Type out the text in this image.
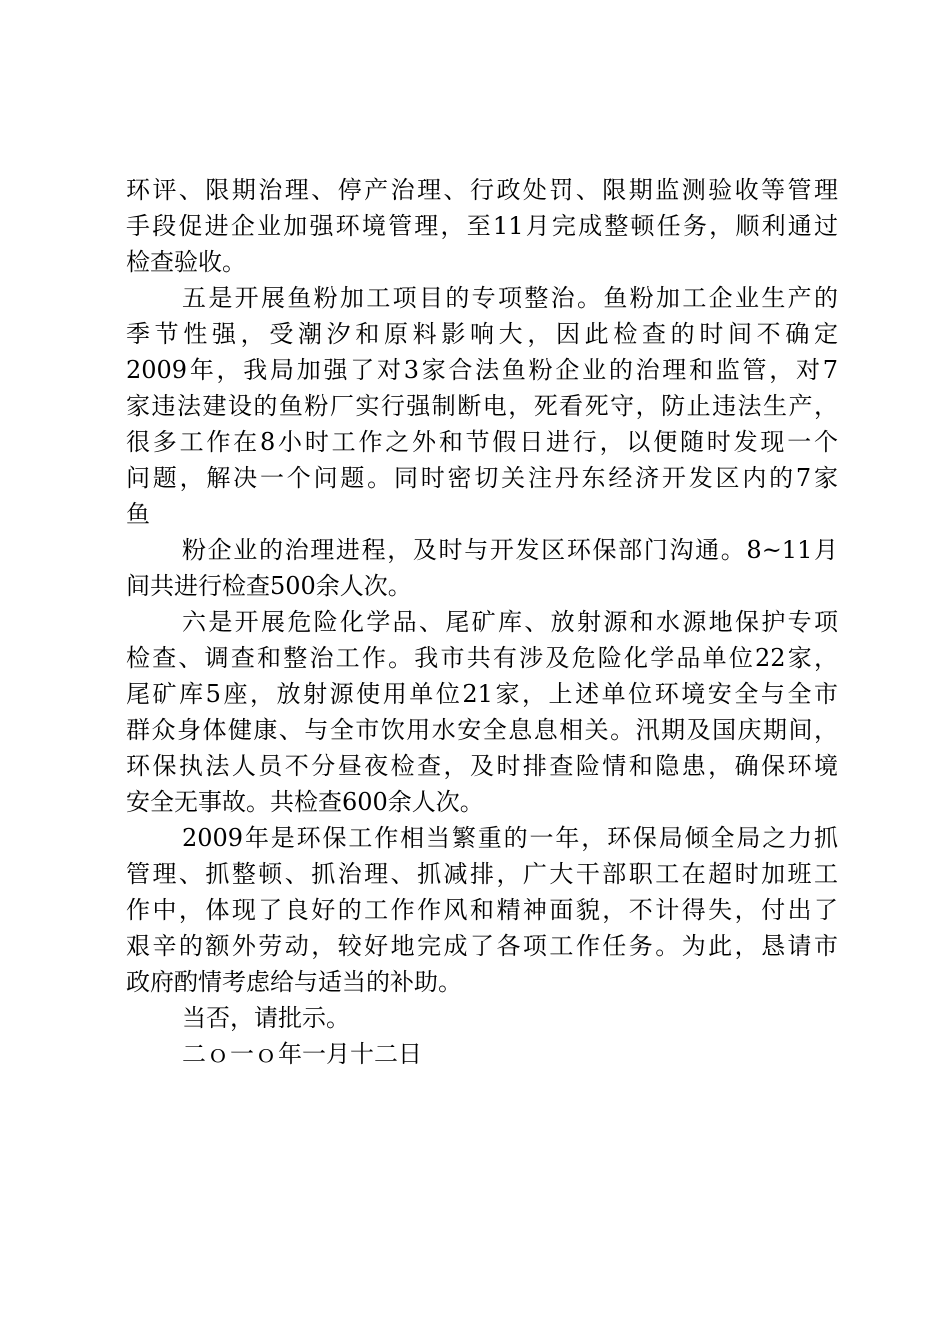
环评、限期治理、停产治理、行政处罚、限期监测验收等管理
手段促进企业加强环境管理，至11月完成整顿任务，顺利通过
检查验收。
五是开展鱼粉加工项目的专项整治。鱼粉加工企业生产的
季节性强，受潮汐和原料影响大，因此检查的时间不确定
2009年，我局加强了对3家合法鱼粉企业的治理和监管，对7
家违法建设的鱼粉厂实行强制断电，死看死守，防止违法生产，
很多工作在8小时工作之外和节假日进行，以便随时发现一个
问题，解决一个问题。同时密切关注丹东经济开发区内的7家
鱼
粉企业的治理进程，及时与开发区环保部门沟通。8~11月
间共进行检查500余人次。
六是开展危险化学品、尾矿库、放射源和水源地保护专项
检查、调查和整治工作。我市共有涉及危险化学品单位22家，
尾矿库5座，放射源使用单位21家，上述单位环境安全与全市
群众身体健康、与全市饮用水安全息息相关。汛期及国庆期间，
环保执法人员不分昼夜检查，及时排查险情和隐患，确保环境
安全无事故。共检查600余人次。
2009年是环保工作相当繁重的一年，环保局倾全局之力抓
管理、抓整顿、抓治理、抓减排，广大干部职工在超时加班工
作中，体现了良好的工作作风和精神面貌，不计得失，付出了
艰辛的额外劳动，较好地完成了各项工作任务。为此，恳请市
政府酌情考虑给与适当的补助。
当否，请批示。
二ｏ一ｏ年一月十二日
